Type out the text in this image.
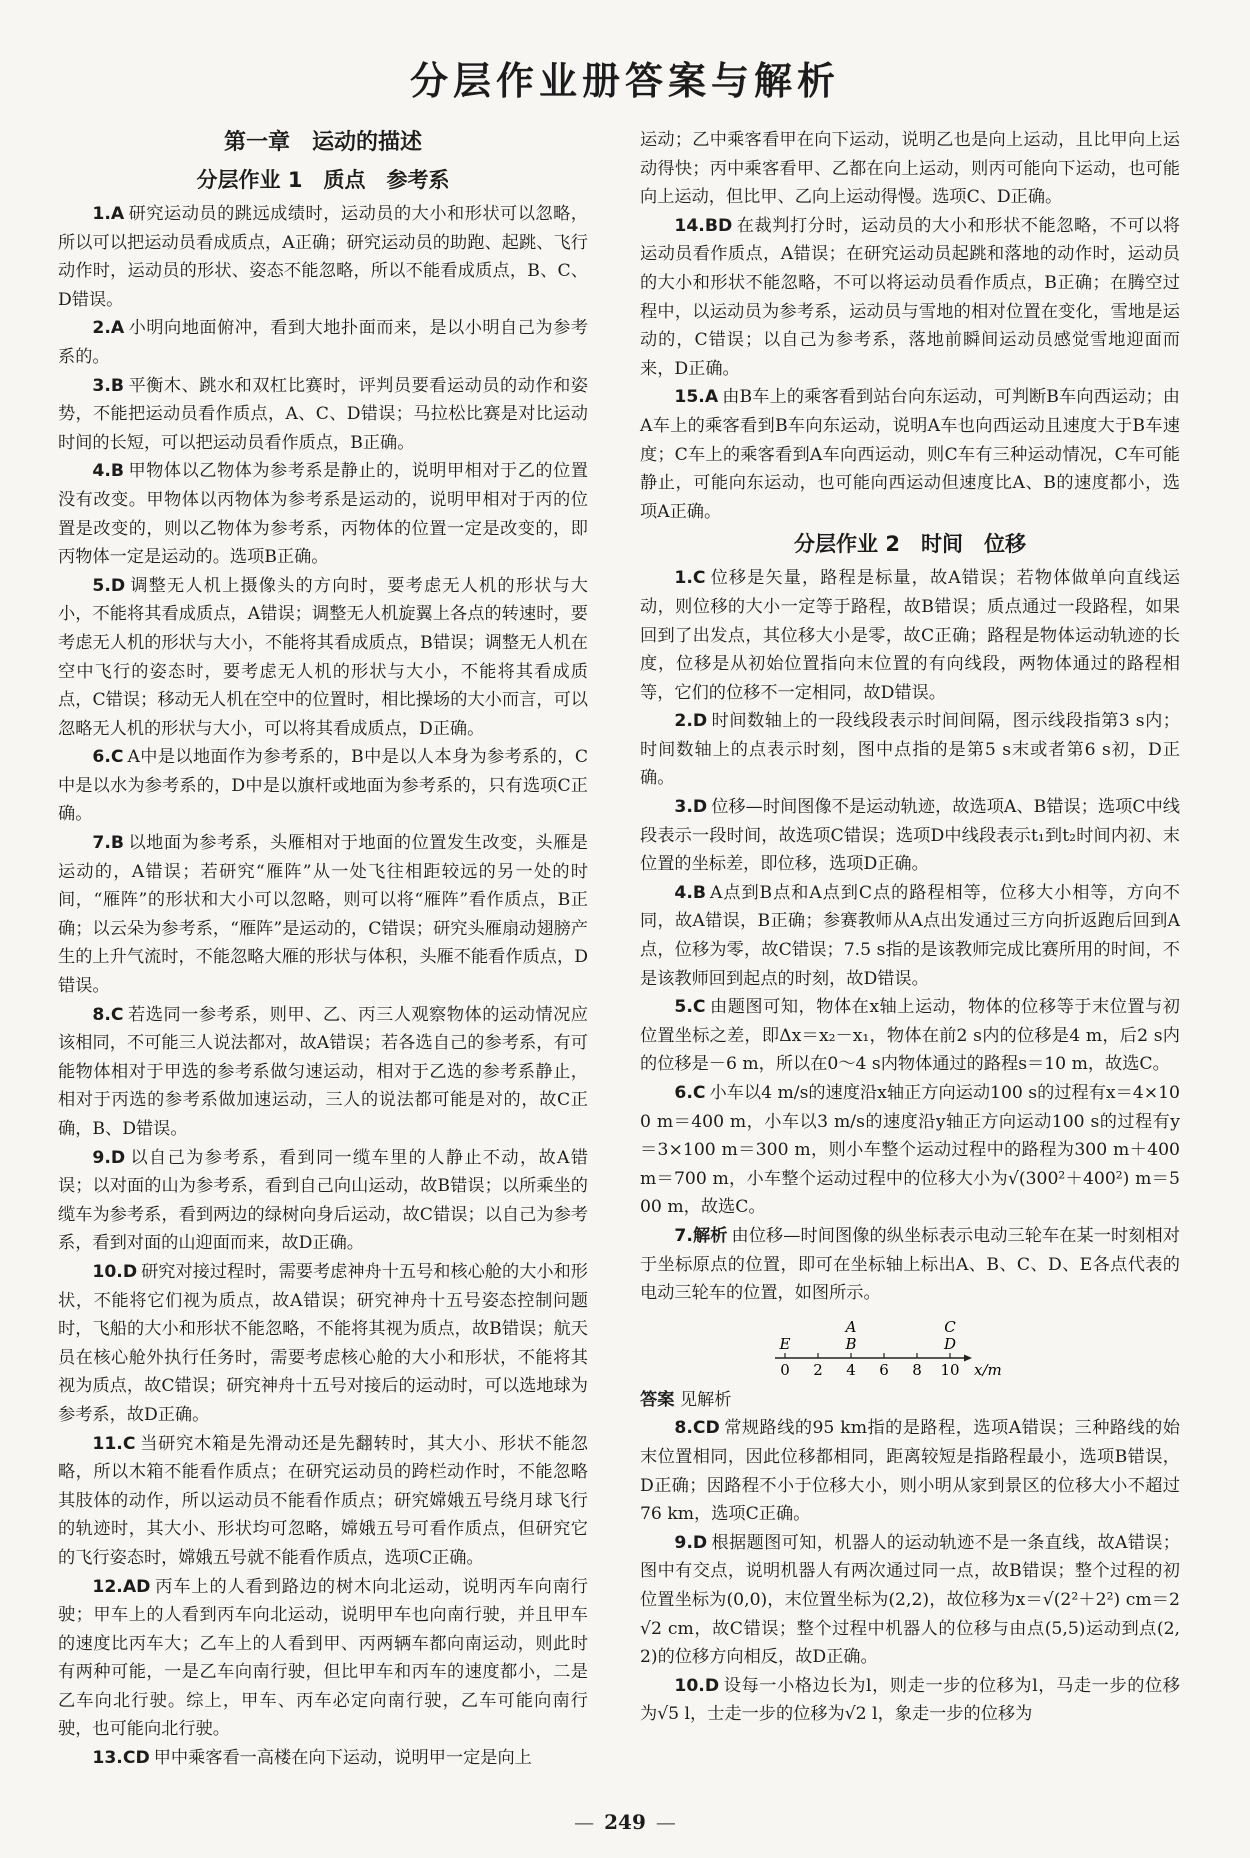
分层作业册答案与解析
第一章　运动的描述
分层作业 1　质点　参考系

1.A 研究运动员的跳远成绩时，运动员的大小和形状可以忽略，所以可以把运动员看成质点，A正确；研究运动员的助跑、起跳、飞行动作时，运动员的形状、姿态不能忽略，所以不能看成质点，B、C、D错误。

2.A 小明向地面俯冲，看到大地扑面而来，是以小明自己为参考系的。

3.B 平衡木、跳水和双杠比赛时，评判员要看运动员的动作和姿势，不能把运动员看作质点，A、C、D错误；马拉松比赛是对比运动时间的长短，可以把运动员看作质点，B正确。

4.B 甲物体以乙物体为参考系是静止的，说明甲相对于乙的位置没有改变。甲物体以丙物体为参考系是运动的，说明甲相对于丙的位置是改变的，则以乙物体为参考系，丙物体的位置一定是改变的，即丙物体一定是运动的。选项B正确。

5.D 调整无人机上摄像头的方向时，要考虑无人机的形状与大小，不能将其看成质点，A错误；调整无人机旋翼上各点的转速时，要考虑无人机的形状与大小，不能将其看成质点，B错误；调整无人机在空中飞行的姿态时，要考虑无人机的形状与大小，不能将其看成质点，C错误；移动无人机在空中的位置时，相比操场的大小而言，可以忽略无人机的形状与大小，可以将其看成质点，D正确。

6.C A中是以地面作为参考系的，B中是以人本身为参考系的，C中是以水为参考系的，D中是以旗杆或地面为参考系的，只有选项C正确。

7.B 以地面为参考系，头雁相对于地面的位置发生改变，头雁是运动的，A错误；若研究“雁阵”从一处飞往相距较远的另一处的时间，“雁阵”的形状和大小可以忽略，则可以将“雁阵”看作质点，B正确；以云朵为参考系，“雁阵”是运动的，C错误；研究头雁扇动翅膀产生的上升气流时，不能忽略大雁的形状与体积，头雁不能看作质点，D错误。

8.C 若选同一参考系，则甲、乙、丙三人观察物体的运动情况应该相同，不可能三人说法都对，故A错误；若各选自己的参考系，有可能物体相对于甲选的参考系做匀速运动，相对于乙选的参考系静止，相对于丙选的参考系做加速运动，三人的说法都可能是对的，故C正确，B、D错误。

9.D 以自己为参考系，看到同一缆车里的人静止不动，故A错误；以对面的山为参考系，看到自己向山运动，故B错误；以所乘坐的缆车为参考系，看到两边的绿树向身后运动，故C错误；以自己为参考系，看到对面的山迎面而来，故D正确。

10.D 研究对接过程时，需要考虑神舟十五号和核心舱的大小和形状，不能将它们视为质点，故A错误；研究神舟十五号姿态控制问题时，飞船的大小和形状不能忽略，不能将其视为质点，故B错误；航天员在核心舱外执行任务时，需要考虑核心舱的大小和形状，不能将其视为质点，故C错误；研究神舟十五号对接后的运动时，可以选地球为参考系，故D正确。

11.C 当研究木箱是先滑动还是先翻转时，其大小、形状不能忽略，所以木箱不能看作质点；在研究运动员的跨栏动作时，不能忽略其肢体的动作，所以运动员不能看作质点；研究嫦娥五号绕月球飞行的轨迹时，其大小、形状均可忽略，嫦娥五号可看作质点，但研究它的飞行姿态时，嫦娥五号就不能看作质点，选项C正确。

12.AD 丙车上的人看到路边的树木向北运动，说明丙车向南行驶；甲车上的人看到丙车向北运动，说明甲车也向南行驶，并且甲车的速度比丙车大；乙车上的人看到甲、丙两辆车都向南运动，则此时有两种可能，一是乙车向南行驶，但比甲车和丙车的速度都小，二是乙车向北行驶。综上，甲车、丙车必定向南行驶，乙车可能向南行驶，也可能向北行驶。

13.CD 甲中乘客看一高楼在向下运动，说明甲一定是向上

运动；乙中乘客看甲在向下运动，说明乙也是向上运动，且比甲向上运动得快；丙中乘客看甲、乙都在向上运动，则丙可能向下运动，也可能向上运动，但比甲、乙向上运动得慢。选项C、D正确。

14.BD 在裁判打分时，运动员的大小和形状不能忽略，不可以将运动员看作质点，A错误；在研究运动员起跳和落地的动作时，运动员的大小和形状不能忽略，不可以将运动员看作质点，B正确；在腾空过程中，以运动员为参考系，运动员与雪地的相对位置在变化，雪地是运动的，C错误；以自己为参考系，落地前瞬间运动员感觉雪地迎面而来，D正确。

15.A 由B车上的乘客看到站台向东运动，可判断B车向西运动；由A车上的乘客看到B车向东运动，说明A车也向西运动且速度大于B车速度；C车上的乘客看到A车向西运动，则C车有三种运动情况，C车可能静止，可能向东运动，也可能向西运动但速度比A、B的速度都小，选项A正确。

分层作业 2　时间　位移

1.C 位移是矢量，路程是标量，故A错误；若物体做单向直线运动，则位移的大小一定等于路程，故B错误；质点通过一段路程，如果回到了出发点，其位移大小是零，故C正确；路程是物体运动轨迹的长度，位移是从初始位置指向末位置的有向线段，两物体通过的路程相等，它们的位移不一定相同，故D错误。

2.D 时间数轴上的一段线段表示时间间隔，图示线段指第3 s内；时间数轴上的点表示时刻，图中点指的是第5 s末或者第6 s初，D正确。

3.D 位移—时间图像不是运动轨迹，故选项A、B错误；选项C中线段表示一段时间，故选项C错误；选项D中线段表示t₁到t₂时间内初、末位置的坐标差，即位移，选项D正确。

4.B A点到B点和A点到C点的路程相等，位移大小相等，方向不同，故A错误，B正确；参赛教师从A点出发通过三方向折返跑后回到A点，位移为零，故C错误；7.5 s指的是该教师完成比赛所用的时间，不是该教师回到起点的时刻，故D错误。

5.C 由题图可知，物体在x轴上运动，物体的位移等于末位置与初位置坐标之差，即Δx＝x₂－x₁，物体在前2 s内的位移是4 m，后2 s内的位移是－6 m，所以在0～4 s内物体通过的路程s＝10 m，故选C。

6.C 小车以4 m/s的速度沿x轴正方向运动100 s的过程有x＝4×100 m＝400 m，小车以3 m/s的速度沿y轴正方向运动100 s的过程有y＝3×100 m＝300 m，则小车整个运动过程中的路程为300 m＋400 m＝700 m，小车整个运动过程中的位移大小为√(300²＋400²) m＝500 m，故选C。

7.解析 由位移—时间图像的纵坐标表示电动三轮车在某一时刻相对于坐标原点的位置，即可在坐标轴上标出A、B、C、D、E各点代表的电动三轮车的位置，如图所示。

0 2 4 6 8 10 x/m
A	C
E	B	D

答案 见解析

8.CD 常规路线的95 km指的是路程，选项A错误；三种路线的始末位置相同，因此位移都相同，距离较短是指路程最小，选项B错误，D正确；因路程不小于位移大小，则小明从家到景区的位移大小不超过76 km，选项C正确。

9.D 根据题图可知，机器人的运动轨迹不是一条直线，故A错误；图中有交点，说明机器人有两次通过同一点，故B错误；整个过程的初位置坐标为(0,0)，末位置坐标为(2,2)，故位移为x＝√(2²＋2²) cm＝2√2 cm，故C错误；整个过程中机器人的位移与由点(5,5)运动到点(2,2)的位移方向相反，故D正确。

10.D 设每一小格边长为l，则走一步的位移为l，马走一步的位移为√5 l，士走一步的位移为√2 l，象走一步的位移为

— 249 —
